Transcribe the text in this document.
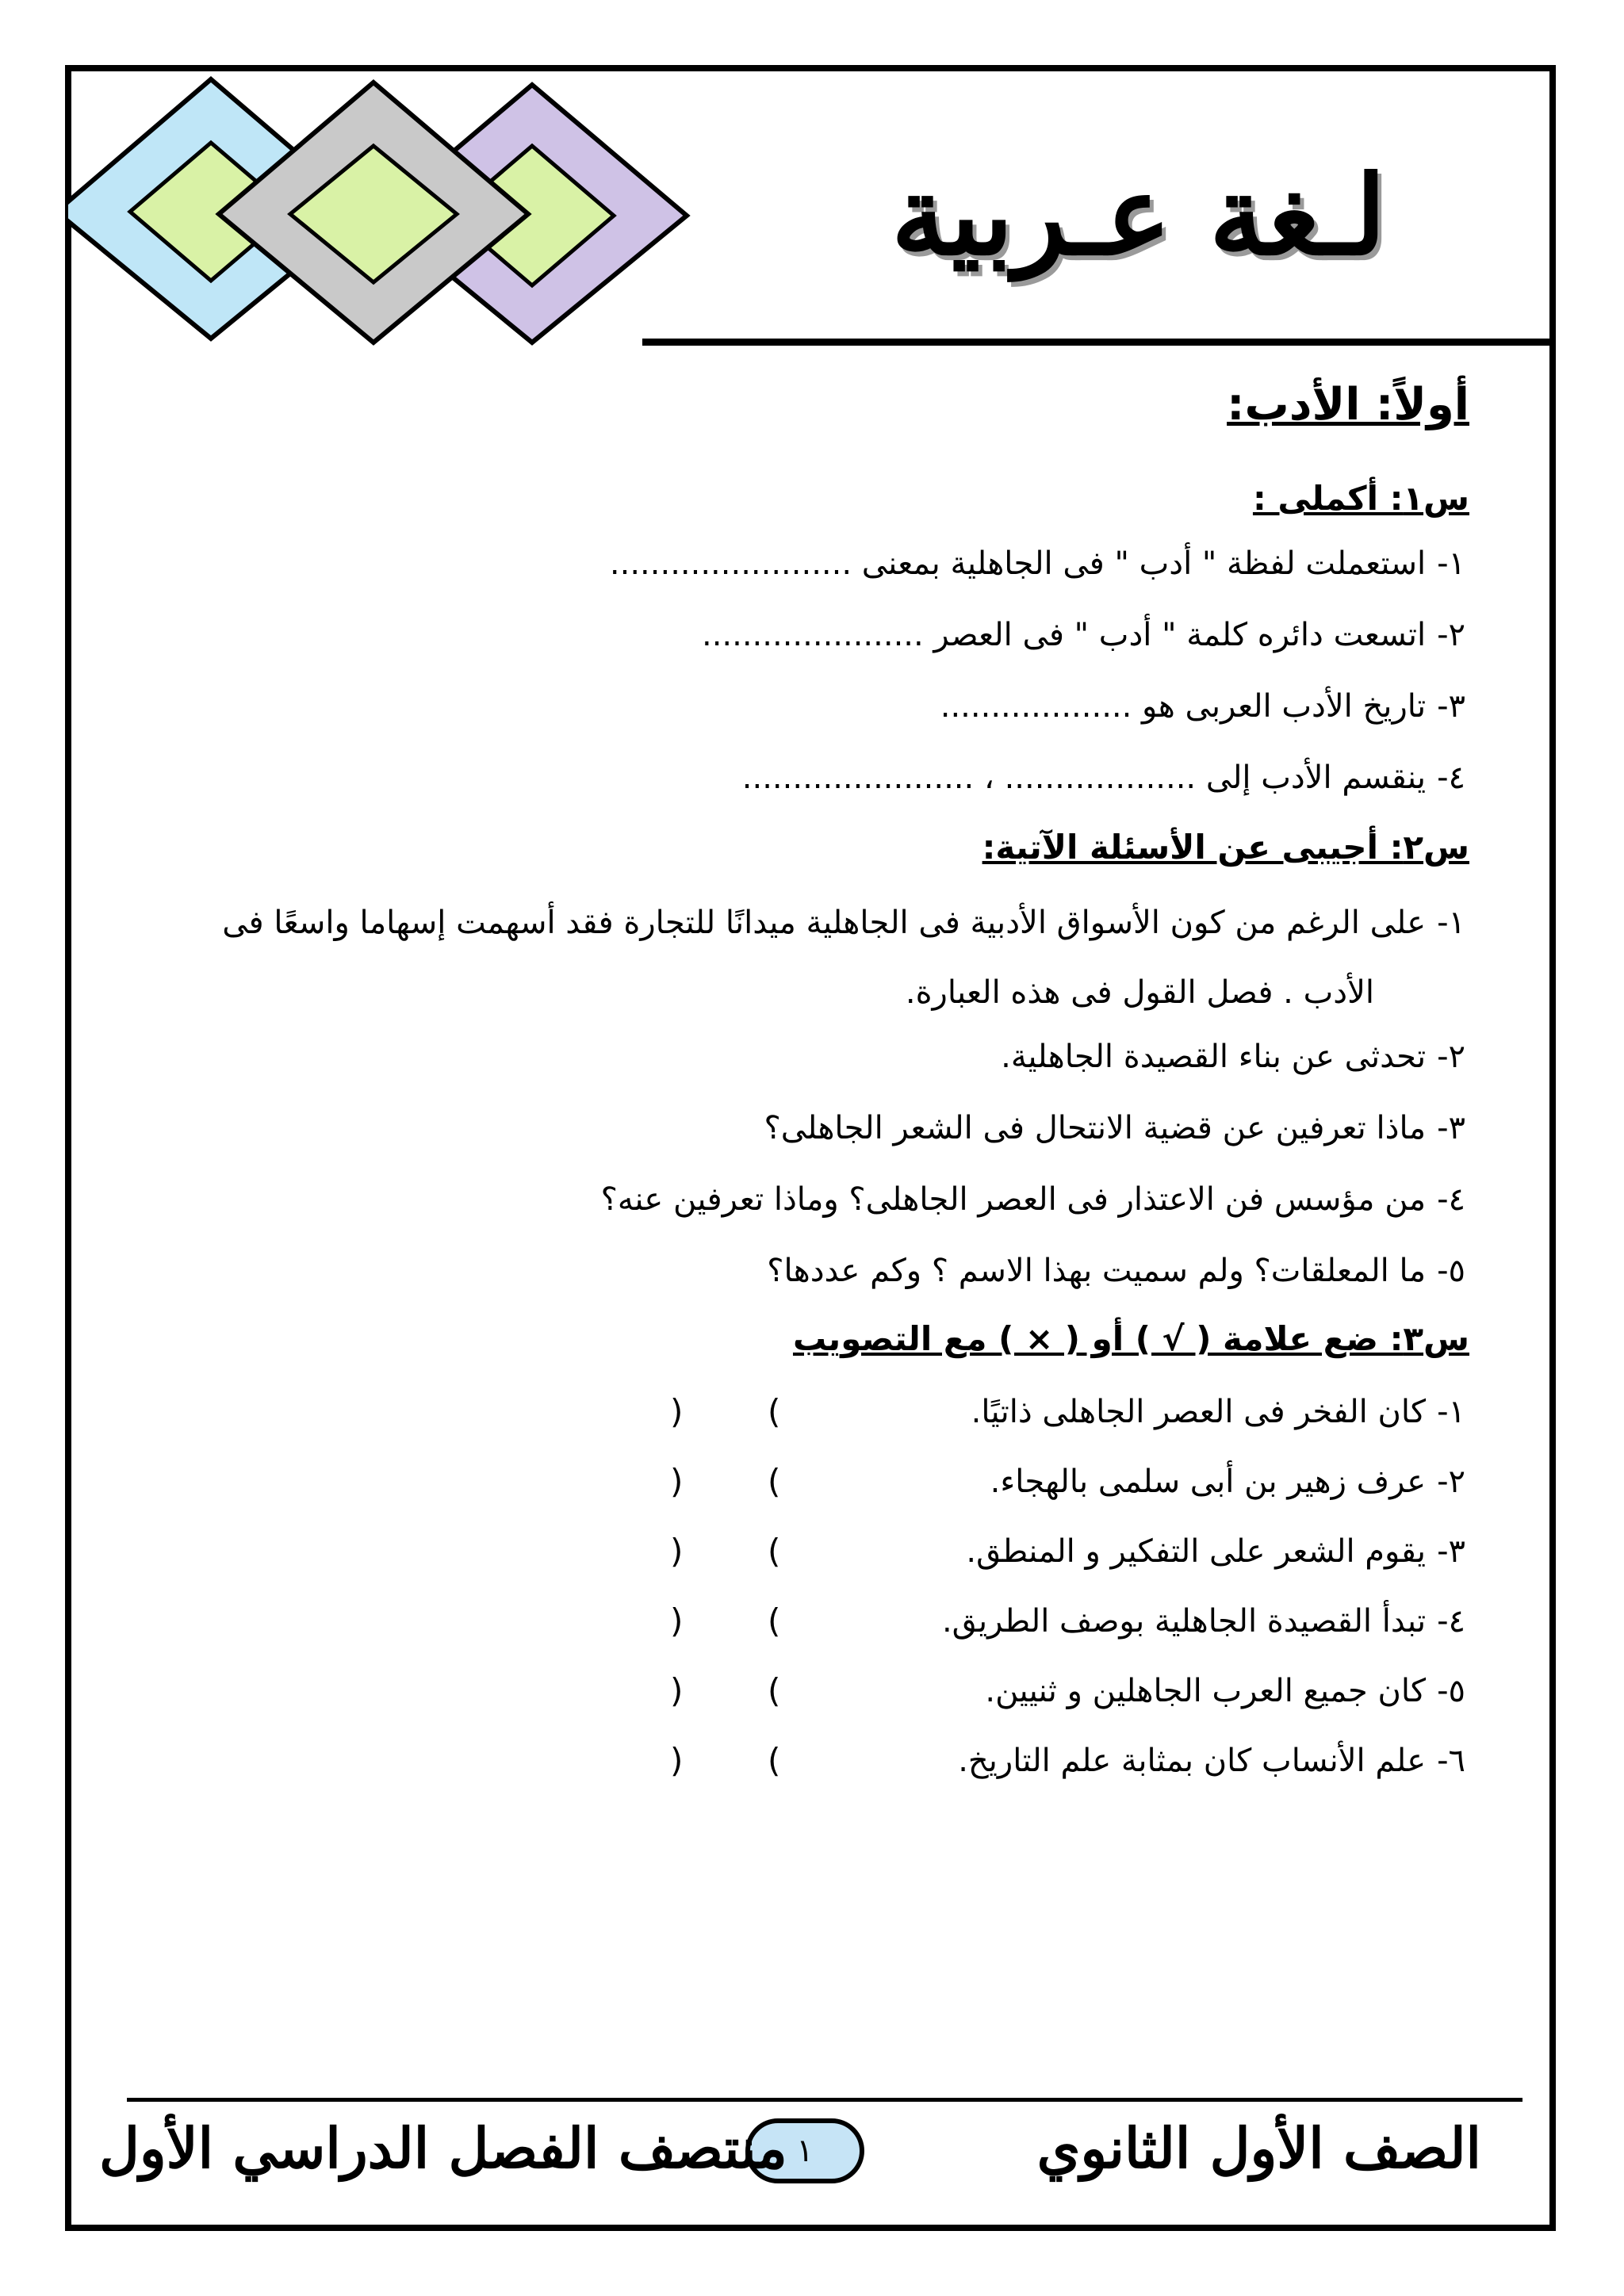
لـغة عـربية
أولاً: الأدب:
س١: أكملى :

١-استعملت لفظة " أدب " فى الجاهلية بمعنى ........................

٢-اتسعت دائره كلمة " أدب " فى العصر ......................

٣-تاريخ الأدب العربى هو ...................

٤-ينقسم الأدب إلى ................... ، .......................

س٢: أجيبى عن الأسئلة الآتية:

١-على الرغم من كون الأسواق الأدبية فى الجاهلية ميدانًا للتجارة فقد أسهمت إسهاما واسعًا فى
الأدب . فصل القول فى هذه العبارة.

٢-تحدثى عن بناء القصيدة الجاهلية.

٣-ماذا تعرفين عن قضية الانتحال فى الشعر الجاهلى؟

٤-من مؤسس فن الاعتذار فى العصر الجاهلى؟ وماذا تعرفين عنه؟

٥-ما المعلقات؟ ولم سميت بهذا الاسم ؟ وكم عددها؟

س٣: ضع علامة ( √ ) أو ( × ) مع التصويب

١-كان الفخر فى العصر الجاهلى ذاتيًا.

(
)

٢-عرف زهير بن أبى سلمى بالهجاء.

(
)

٣-يقوم الشعر على التفكير و المنطق.

(
)

٤-تبدأ القصيدة الجاهلية بوصف الطريق.

(
)

٥-كان جميع العرب الجاهلين و ثنيين.

(
)

٦-علم الأنساب كان بمثابة علم التاريخ.

(
)

الصف الأول الثانوي

١

منتصف الفصل الدراسي الأول
